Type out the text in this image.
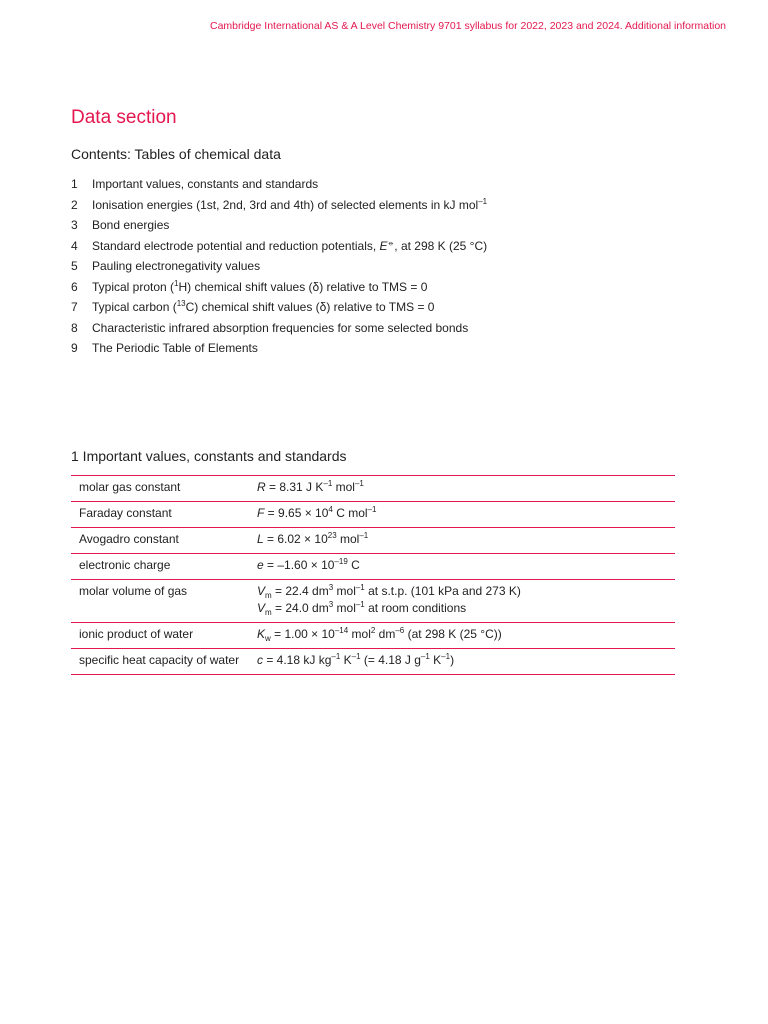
Cambridge International AS & A Level Chemistry 9701 syllabus for 2022, 2023 and 2024. Additional information
Data section
Contents: Tables of chemical data
1 Important values, constants and standards
2 Ionisation energies (1st, 2nd, 3rd and 4th) of selected elements in kJ mol$^{-1}$
3 Bond energies
4 Standard electrode potential and reduction potentials, E⦵, at 298 K (25 °C)
5 Pauling electronegativity values
6 Typical proton ($^1$H) chemical shift values (δ) relative to TMS = 0
7 Typical carbon ($^{13}$C) chemical shift values (δ) relative to TMS = 0
8 Characteristic infrared absorption frequencies for some selected bonds
9 The Periodic Table of Elements
1 Important values, constants and standards
molar gas constant	R = 8.31 J $K^{-1}$ mol$^{-1}$
Faraday constant	$F = 9.65 \times 10^4$ C mol$^{-1}$
Avogadro constant	$L = 6.02 \times 10^{23}$ mol$^{-1}$
electronic charge	$e = -1.60 \times 10^{-19}$ C
molar volume of gas	$V_m = 22.4$ $dm^3$ mol$^{-1}$ at s.t.p. (101 kPa and 273 K)
$V_m = 24.0$ $dm^3$ mol$^{-1}$ at room conditions
ionic product of water	$K_w = 1.00 \times 10^{-14}$ mol$^2$ $dm^{-6}$ (at 298 K (25 °C))
specific heat capacity of water	c = 4.18 kJ $kg^{-1}$ $K^{-1}$ (= 4.18 J $g^{-1}$ $K^{-1}$)
